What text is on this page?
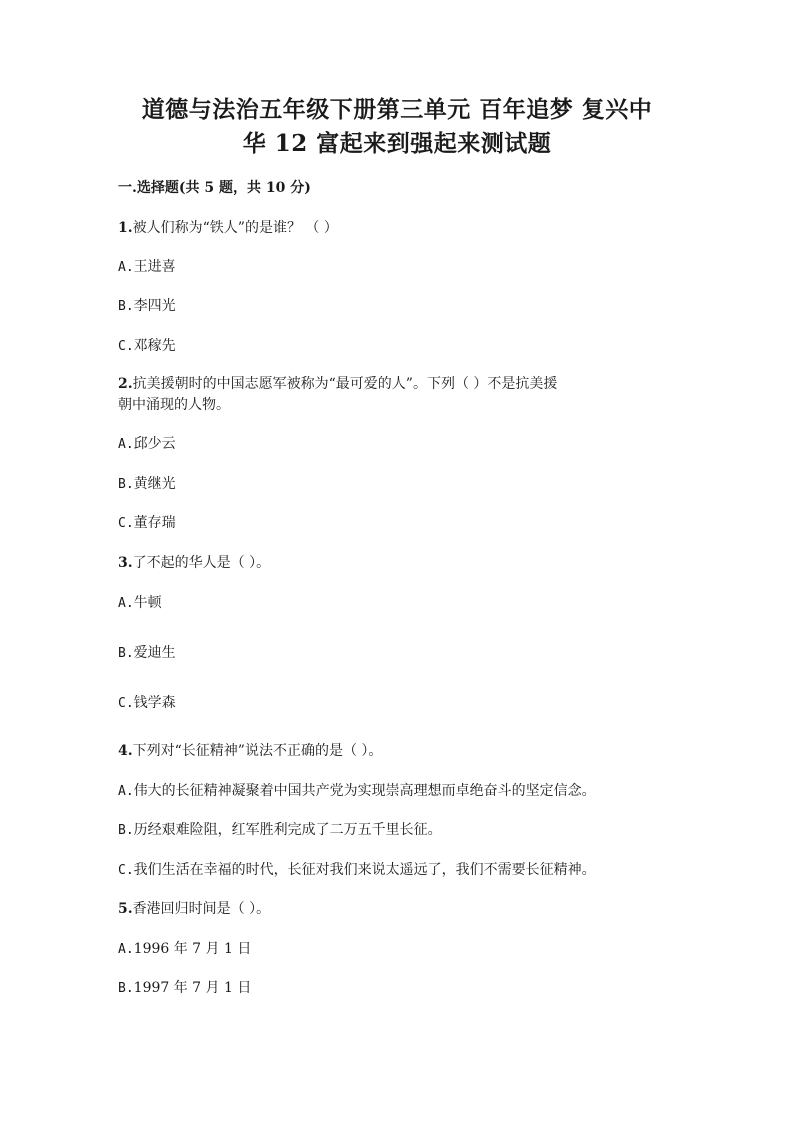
道德与法治五年级下册第三单元 百年追梦 复兴中
华 12 富起来到强起来测试题
一.选择题(共 5 题，共 10 分)
1.被人们称为“铁人”的是谁？ （ ）
A.王进喜
B.李四光
C.邓稼先
2.抗美援朝时的中国志愿军被称为“最可爱的人”。下列（ ）不是抗美援
朝中涌现的人物。
A.邱少云
B.黄继光
C.董存瑞
3.了不起的华人是（ ）。
A.牛顿
B.爱迪生
C.钱学森
4.下列对“长征精神”说法不正确的是（ ）。
A.伟大的长征精神凝聚着中国共产党为实现崇高理想而卓绝奋斗的坚定信念。
B.历经艰难险阻，红军胜利完成了二万五千里长征。
C.我们生活在幸福的时代，长征对我们来说太遥远了，我们不需要长征精神。
5.香港回归时间是（ ）。
A.1996 年 7 月 1 日
B.1997 年 7 月 1 日
